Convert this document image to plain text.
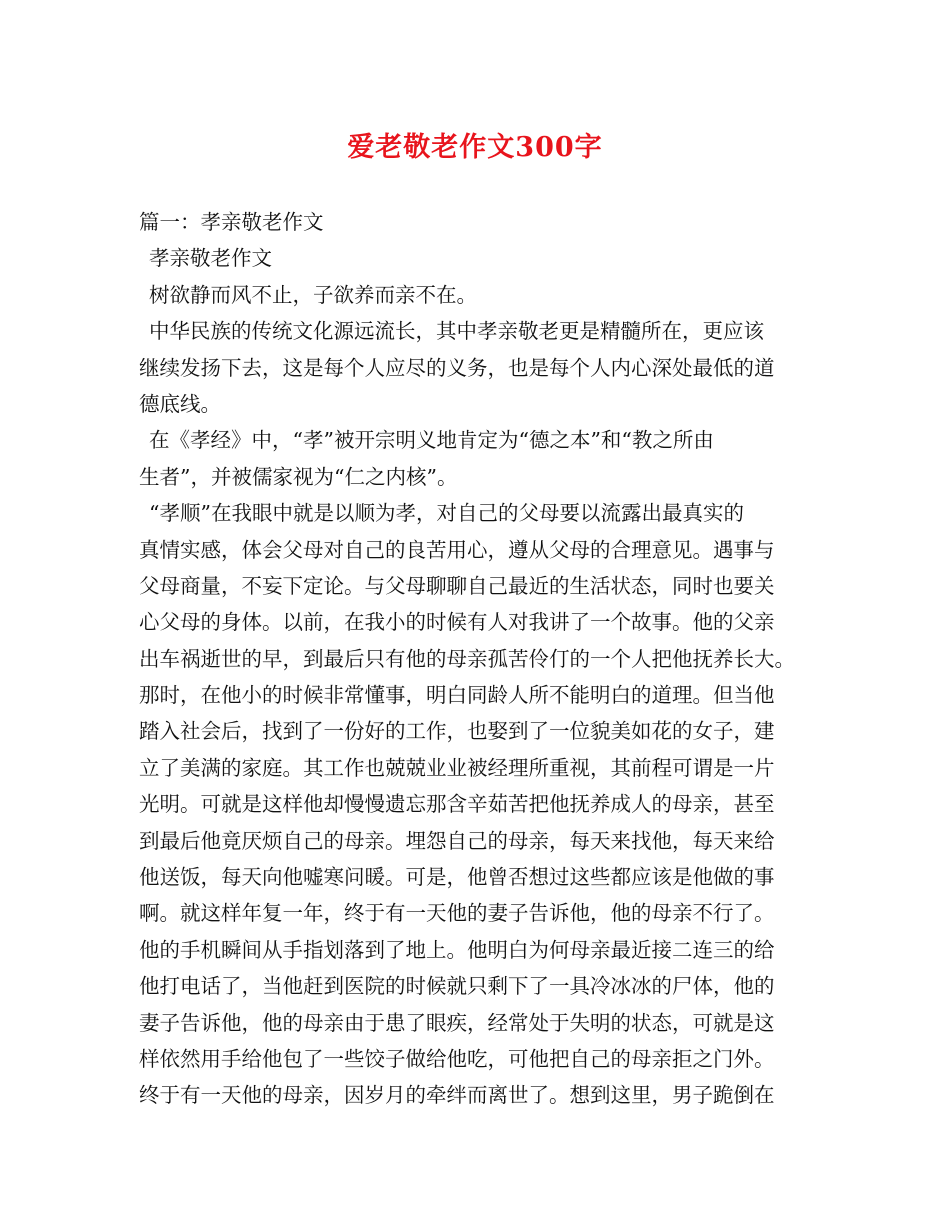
爱老敬老作文300字
篇一：孝亲敬老作文
孝亲敬老作文
树欲静而风不止，子欲养而亲不在。
中华民族的传统文化源远流长，其中孝亲敬老更是精髓所在，更应该
继续发扬下去，这是每个人应尽的义务，也是每个人内心深处最低的道
德底线。
在《孝经》中，“孝”被开宗明义地肯定为“德之本”和“教之所由
生者”，并被儒家视为“仁之内核”。
“孝顺”在我眼中就是以顺为孝，对自己的父母要以流露出最真实的
真情实感，体会父母对自己的良苦用心，遵从父母的合理意见。遇事与
父母商量，不妄下定论。与父母聊聊自己最近的生活状态，同时也要关
心父母的身体。以前，在我小的时候有人对我讲了一个故事。他的父亲
出车祸逝世的早，到最后只有他的母亲孤苦伶仃的一个人把他抚养长大。
那时，在他小的时候非常懂事，明白同龄人所不能明白的道理。但当他
踏入社会后，找到了一份好的工作，也娶到了一位貌美如花的女子，建
立了美满的家庭。其工作也兢兢业业被经理所重视，其前程可谓是一片
光明。可就是这样他却慢慢遗忘那含辛茹苦把他抚养成人的母亲，甚至
到最后他竟厌烦自己的母亲。埋怨自己的母亲，每天来找他，每天来给
他送饭，每天向他嘘寒问暖。可是，他曾否想过这些都应该是他做的事
啊。就这样年复一年，终于有一天他的妻子告诉他，他的母亲不行了。
他的手机瞬间从手指划落到了地上。他明白为何母亲最近接二连三的给
他打电话了，当他赶到医院的时候就只剩下了一具冷冰冰的尸体，他的
妻子告诉他，他的母亲由于患了眼疾，经常处于失明的状态，可就是这
样依然用手给他包了一些饺子做给他吃，可他把自己的母亲拒之门外。
终于有一天他的母亲，因岁月的牵绊而离世了。想到这里，男子跪倒在
